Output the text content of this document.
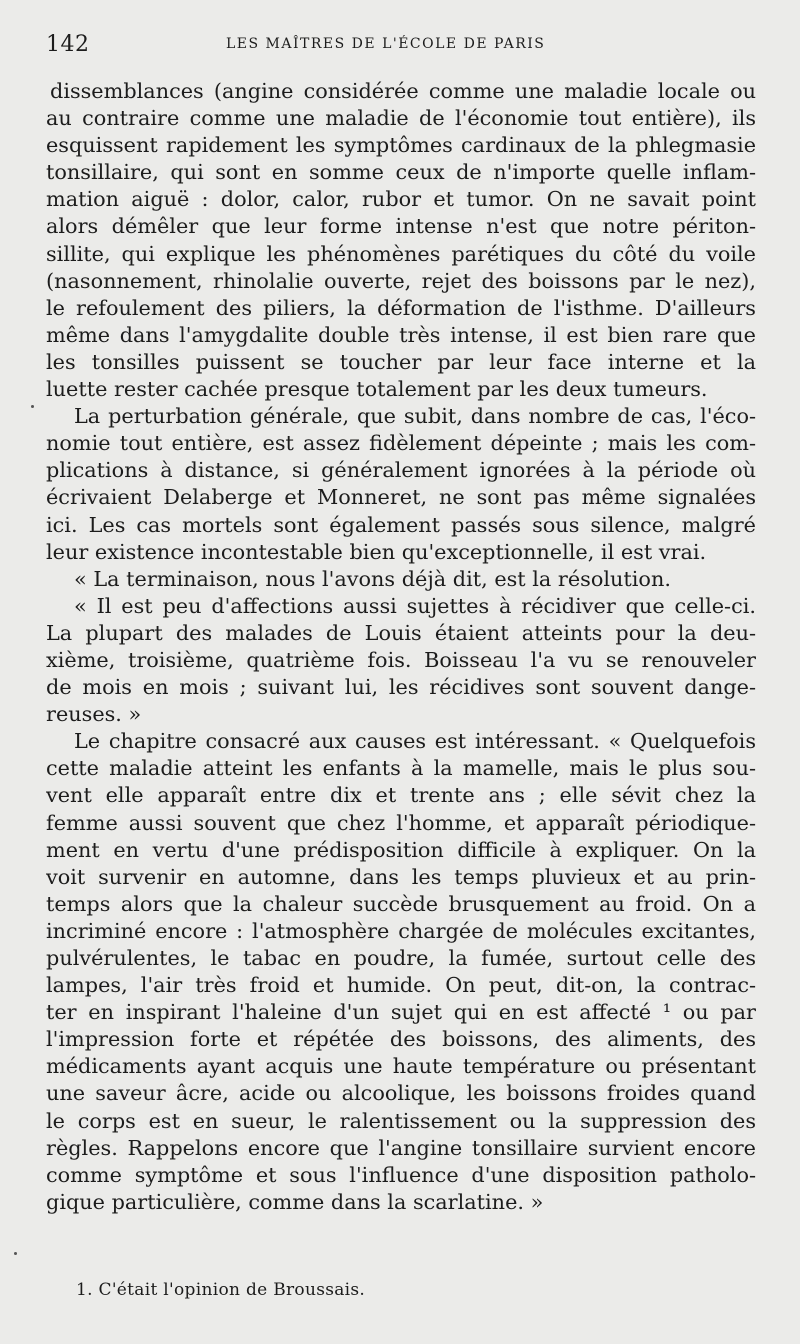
142	LES MAÎTRES DE L'ÉCOLE DE PARIS
dissemblances (angine considérée comme une maladie locale ou
au contraire comme une maladie de l'économie tout entière), ils
esquissent rapidement les symptômes cardinaux de la phlegmasie
tonsillaire, qui sont en somme ceux de n'importe quelle inflam-
mation aiguë : dolor, calor, rubor et tumor. On ne savait point
alors démêler que leur forme intense n'est que notre périton-
sillite, qui explique les phénomènes parétiques du côté du voile
(nasonnement, rhinolalie ouverte, rejet des boissons par le nez),
le refoulement des piliers, la déformation de l'isthme. D'ailleurs
même dans l'amygdalite double très intense, il est bien rare que
les tonsilles puissent se toucher par leur face interne et la
luette rester cachée presque totalement par les deux tumeurs.
La perturbation générale, que subit, dans nombre de cas, l'éco-
nomie tout entière, est assez fidèlement dépeinte ; mais les com-
plications à distance, si généralement ignorées à la période où
écrivaient Delaberge et Monneret, ne sont pas même signalées
ici. Les cas mortels sont également passés sous silence, malgré
leur existence incontestable bien qu'exceptionnelle, il est vrai.
« La terminaison, nous l'avons déjà dit, est la résolution.
« Il est peu d'affections aussi sujettes à récidiver que celle-ci.
La plupart des malades de Louis étaient atteints pour la deu-
xième, troisième, quatrième fois. Boisseau l'a vu se renouveler
de mois en mois ; suivant lui, les récidives sont souvent dange-
reuses. »
Le chapitre consacré aux causes est intéressant. « Quelquefois
cette maladie atteint les enfants à la mamelle, mais le plus sou-
vent elle apparaît entre dix et trente ans ; elle sévit chez la
femme aussi souvent que chez l'homme, et apparaît périodique-
ment en vertu d'une prédisposition difficile à expliquer. On la
voit survenir en automne, dans les temps pluvieux et au prin-
temps alors que la chaleur succède brusquement au froid. On a
incriminé encore : l'atmosphère chargée de molécules excitantes,
pulvérulentes, le tabac en poudre, la fumée, surtout celle des
lampes, l'air très froid et humide. On peut, dit-on, la contrac-
ter en inspirant l'haleine d'un sujet qui en est affecté ¹ ou par
l'impression forte et répétée des boissons, des aliments, des
médicaments ayant acquis une haute température ou présentant
une saveur âcre, acide ou alcoolique, les boissons froides quand
le corps est en sueur, le ralentissement ou la suppression des
règles. Rappelons encore que l'angine tonsillaire survient encore
comme symptôme et sous l'influence d'une disposition patholo-
gique particulière, comme dans la scarlatine. »
1. C'était l'opinion de Broussais.
